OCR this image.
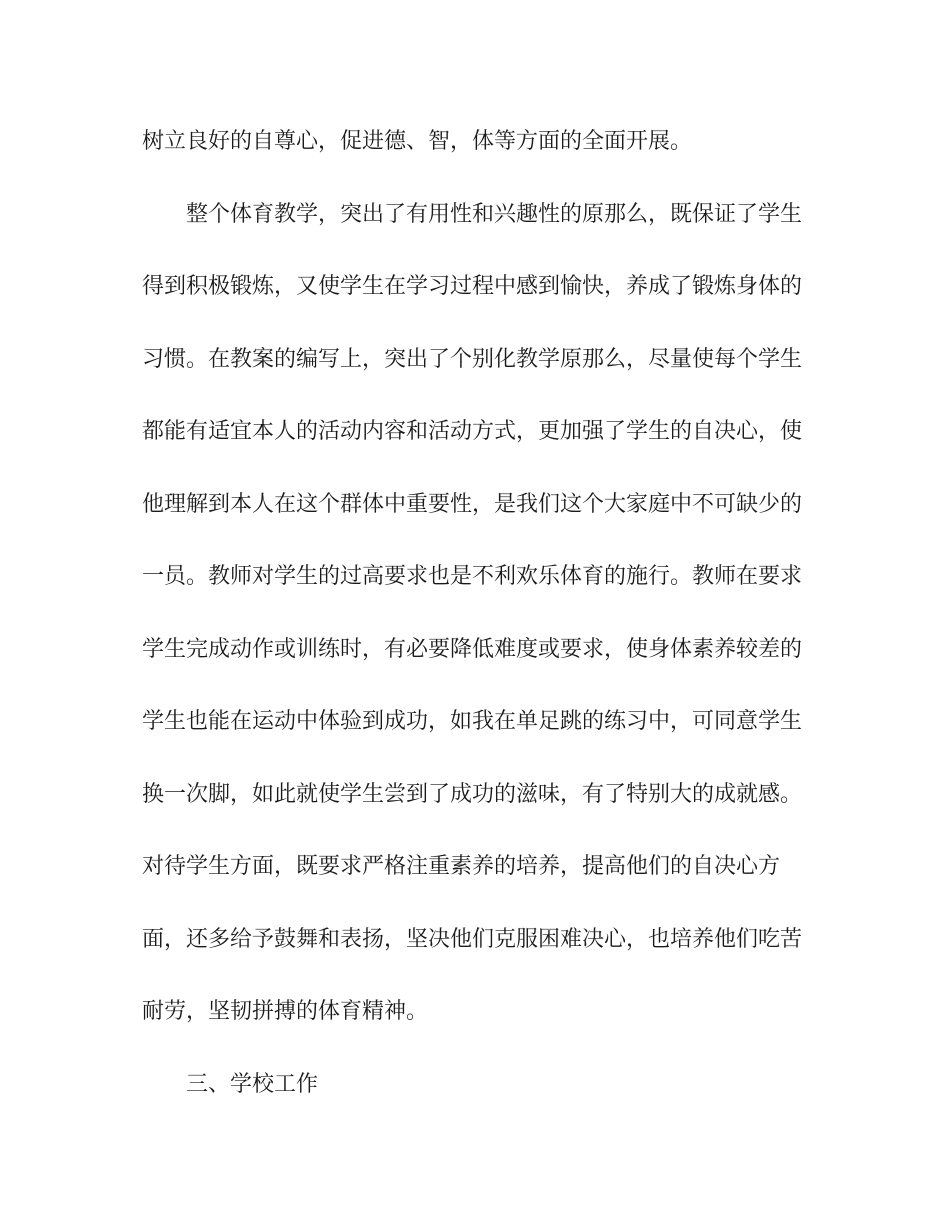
树立良好的自尊心，促进德、智，体等方面的全面开展。
整个体育教学，突出了有用性和兴趣性的原那么，既保证了学生
得到积极锻炼，又使学生在学习过程中感到愉快，养成了锻炼身体的
习惯。在教案的编写上，突出了个别化教学原那么，尽量使每个学生
都能有适宜本人的活动内容和活动方式，更加强了学生的自决心，使
他理解到本人在这个群体中重要性，是我们这个大家庭中不可缺少的
一员。教师对学生的过高要求也是不利欢乐体育的施行。教师在要求
学生完成动作或训练时，有必要降低难度或要求，使身体素养较差的
学生也能在运动中体验到成功，如我在单足跳的练习中，可同意学生
换一次脚，如此就使学生尝到了成功的滋味，有了特别大的成就感。
对待学生方面，既要求严格注重素养的培养，提高他们的自决心方
面，还多给予鼓舞和表扬，坚决他们克服困难决心，也培养他们吃苦
耐劳，坚韧拼搏的体育精神。
三、学校工作
